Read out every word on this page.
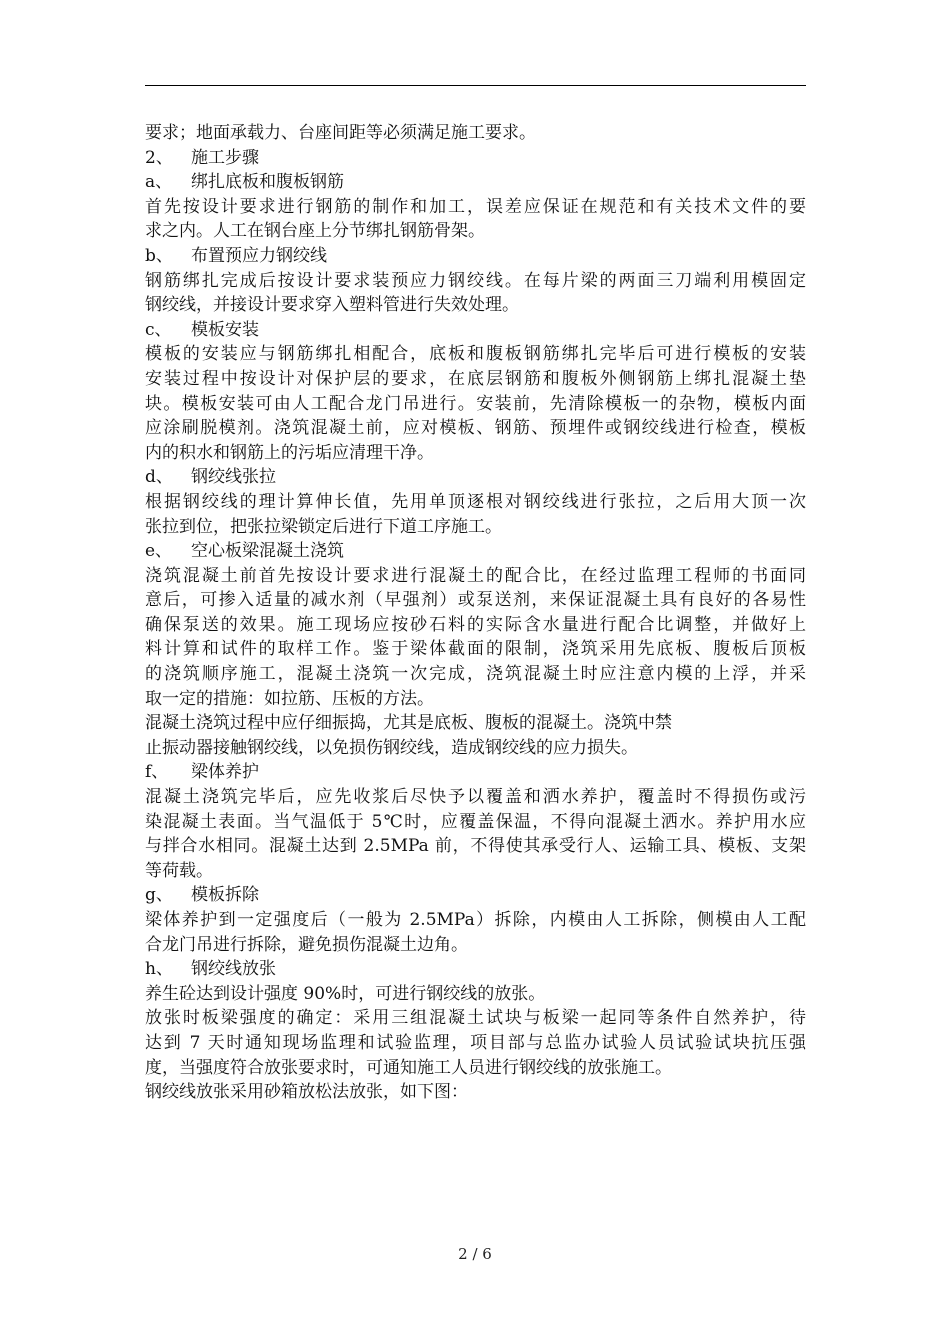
要求；地面承载力、台座间距等必须满足施工要求。
2、 施工步骤
a、 绑扎底板和腹板钢筋
首先按设计要求进行钢筋的制作和加工，误差应保证在规范和有关技术文件的要
求之内。人工在钢台座上分节绑扎钢筋骨架。
b、 布置预应力钢绞线
钢筋绑扎完成后按设计要求装预应力钢绞线。在每片梁的两面三刀端利用模固定
钢绞线，并接设计要求穿入塑料管进行失效处理。
c、 模板安装
模板的安装应与钢筋绑扎相配合，底板和腹板钢筋绑扎完毕后可进行模板的安装
安装过程中按设计对保护层的要求，在底层钢筋和腹板外侧钢筋上绑扎混凝土垫
块。模板安装可由人工配合龙门吊进行。安装前，先清除模板一的杂物，模板内面
应涂刷脱模剂。浇筑混凝土前，应对模板、钢筋、预埋件或钢绞线进行检查，模板
内的积水和钢筋上的污垢应清理干净。
d、 钢绞线张拉
根据钢绞线的理计算伸长值，先用单顶逐根对钢绞线进行张拉，之后用大顶一次
张拉到位，把张拉梁锁定后进行下道工序施工。
e、 空心板梁混凝土浇筑
浇筑混凝土前首先按设计要求进行混凝土的配合比，在经过监理工程师的书面同
意后，可掺入适量的减水剂（早强剂）或泵送剂，来保证混凝土具有良好的各易性
确保泵送的效果。施工现场应按砂石料的实际含水量进行配合比调整，并做好上
料计算和试件的取样工作。鉴于梁体截面的限制，浇筑采用先底板、腹板后顶板
的浇筑顺序施工，混凝土浇筑一次完成，浇筑混凝土时应注意内模的上浮，并采
取一定的措施：如拉筋、压板的方法。
混凝土浇筑过程中应仔细振捣，尤其是底板、腹板的混凝土。浇筑中禁
止振动器接触钢绞线，以免损伤钢绞线，造成钢绞线的应力损失。
f、 梁体养护
混凝土浇筑完毕后，应先收浆后尽快予以覆盖和洒水养护，覆盖时不得损伤或污
染混凝土表面。当气温低于 5℃时，应覆盖保温，不得向混凝土洒水。养护用水应
与拌合水相同。混凝土达到 2.5MPa 前，不得使其承受行人、运输工具、模板、支架
等荷载。
g、 模板拆除
梁体养护到一定强度后（一般为 2.5MPa）拆除，内模由人工拆除，侧模由人工配
合龙门吊进行拆除，避免损伤混凝土边角。
h、 钢绞线放张
养生砼达到设计强度 90%时，可进行钢绞线的放张。
放张时板梁强度的确定：采用三组混凝土试块与板梁一起同等条件自然养护，待
达到 7 天时通知现场监理和试验监理，项目部与总监办试验人员试验试块抗压强
度，当强度符合放张要求时，可通知施工人员进行钢绞线的放张施工。
钢绞线放张采用砂箱放松法放张，如下图：
2 / 6
